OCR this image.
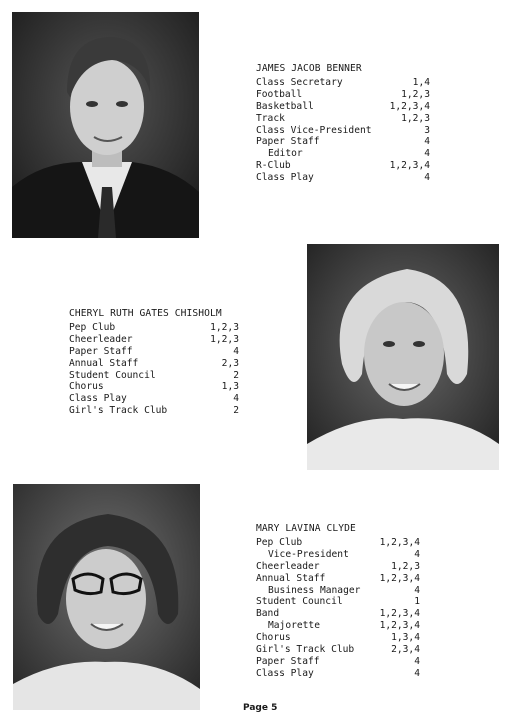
JAMES JACOB BENNER
Class Secretary	1,4
Football	1,2,3
Basketball	1,2,3,4
Track	1,2,3
Class Vice-President	3
Paper Staff	4
Editor	4
R-Club	1,2,3,4
Class Play	4
CHERYL RUTH GATES CHISHOLM
Pep Club	1,2,3
Cheerleader	1,2,3
Paper Staff	4
Annual Staff	2,3
Student Council	2
Chorus	1,3
Class Play	4
Girl's Track Club	2
MARY LAVINA CLYDE
Pep Club	1,2,3,4
Vice-President	4
Cheerleader	1,2,3
Annual Staff	1,2,3,4
Business Manager	4
Student Council	1
Band	1,2,3,4
Majorette	1,2,3,4
Chorus	1,3,4
Girl's Track Club	2,3,4
Paper Staff	4
Class Play	4
Page 5
